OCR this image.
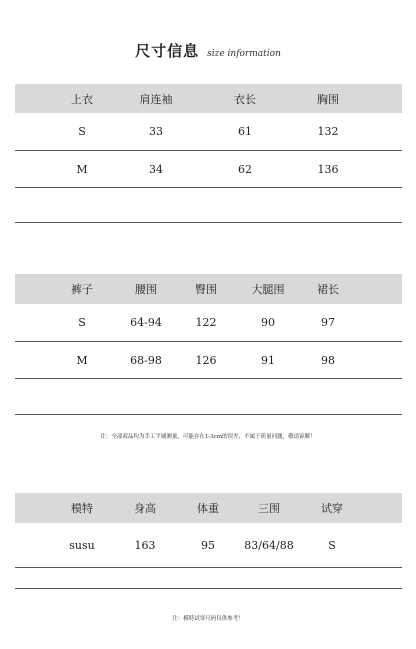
尺寸信息 size information
上衣	肩连袖	衣长	胸围
S	33	61	132
M	34	62	136
裤子	腰围	臀围	大腿围	裙长
S	64-94	122	90	97
M	68-98	126	91	98
注：全部商品均为手工平铺测量，可能存在1-3cm的误差，不属于质量问题，敬请谅解！
模特	身高	体重	三围	试穿
susu	163	95	83/64/88	S
注：模特试穿尺码仅供参考！
